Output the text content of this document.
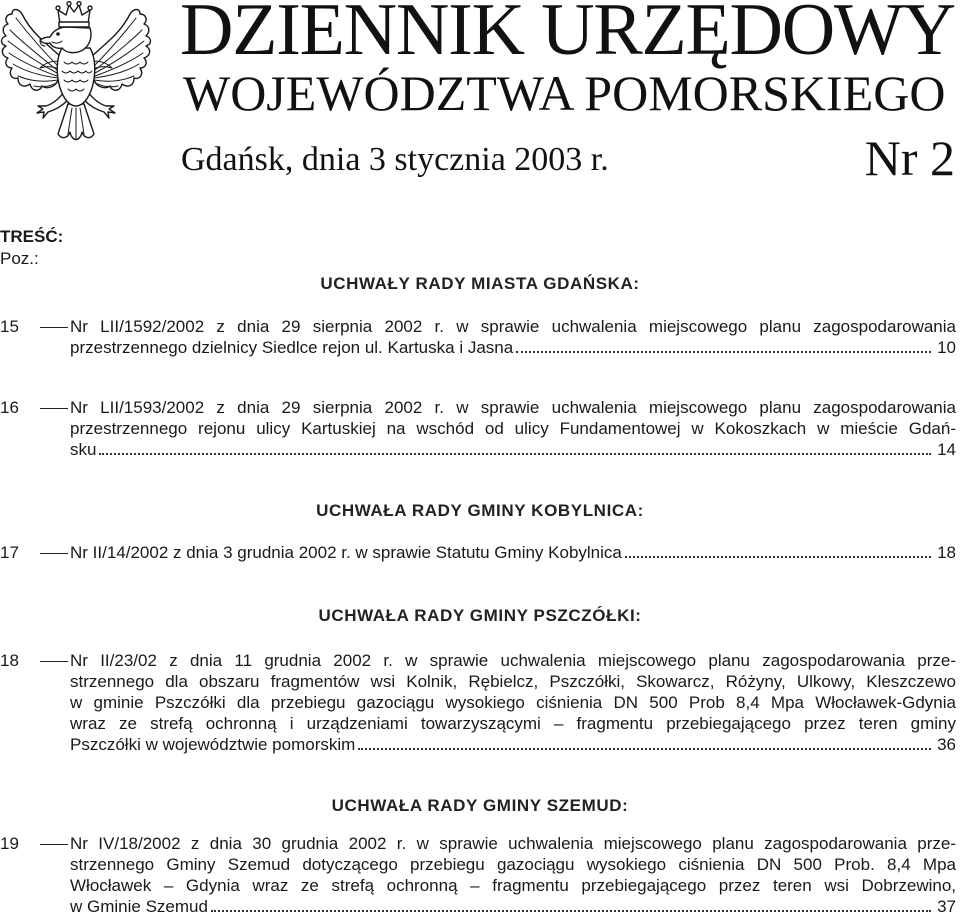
DZIENNIK URZĘDOWY
WOJEWÓDZTWA POMORSKIEGO
Gdańsk, dnia 3 stycznia 2003 r.	Nr 2
TREŚĆ:
Poz.:
UCHWAŁY RADY MIASTA GDAŃSKA:
15	Nr LII/1592/2002 z dnia 29 sierpnia 2002 r. w sprawie uchwalenia miejscowego planu zagospodarowania
przestrzennego dzielnicy Siedlce rejon ul. Kartuska i Jasna	10
16	Nr LII/1593/2002 z dnia 29 sierpnia 2002 r. w sprawie uchwalenia miejscowego planu zagospodarowania
przestrzennego rejonu ulicy Kartuskiej na wschód od ulicy Fundamentowej w Kokoszkach w mieście Gdań-
sku	14
UCHWAŁA RADY GMINY KOBYLNICA:
17	Nr II/14/2002 z dnia 3 grudnia 2002 r. w sprawie Statutu Gminy Kobylnica	18
UCHWAŁA RADY GMINY PSZCZÓŁKI:
18	Nr II/23/02 z dnia 11 grudnia 2002 r. w sprawie uchwalenia miejscowego planu zagospodarowania prze-
strzennego dla obszaru fragmentów wsi Kolnik, Rębielcz, Pszczółki, Skowarcz, Różyny, Ulkowy, Kleszczewo
w gminie Pszczółki dla przebiegu gazociągu wysokiego ciśnienia DN 500 Prob 8,4 Mpa Włocławek-Gdynia
wraz ze strefą ochronną i urządzeniami towarzyszącymi – fragmentu przebiegającego przez teren gminy
Pszczółki w województwie pomorskim	36
UCHWAŁA RADY GMINY SZEMUD:
19	Nr IV/18/2002 z dnia 30 grudnia 2002 r. w sprawie uchwalenia miejscowego planu zagospodarowania prze-
strzennego Gminy Szemud dotyczącego przebiegu gazociągu wysokiego ciśnienia DN 500 Prob. 8,4 Mpa
Włocławek – Gdynia wraz ze strefą ochronną – fragmentu przebiegającego przez teren wsi Dobrzewino,
w Gminie Szemud	37
